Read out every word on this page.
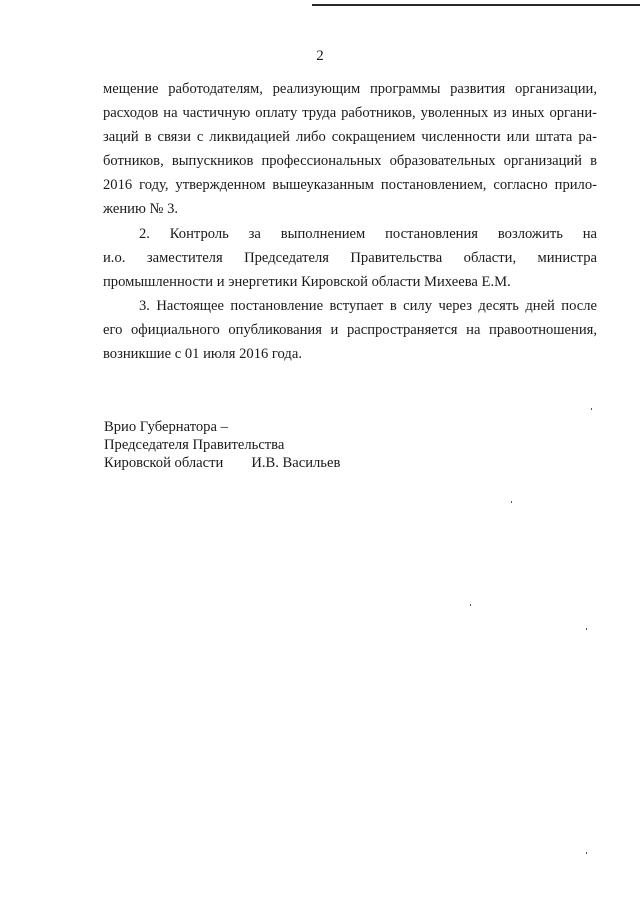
2

мещение работодателям, реализующим программы развития организации,
расходов на частичную оплату труда работников, уволенных из иных органи-
заций в связи с ликвидацией либо сокращением численности или штата ра-
ботников, выпускников профессиональных образовательных организаций в
2016 году, утвержденном вышеуказанным постановлением, согласно прило-
жению № 3.

2. Контроль за выполнением постановления возложить на
и.о. заместителя Председателя Правительства области, министра
промышленности и энергетики Кировской области Михеева Е.М.

3. Настоящее постановление вступает в силу через десять дней после
его официального опубликования и распространяется на правоотношения,
возникшие с 01 июля 2016 года.

Врио Губернатора –
Председателя Правительства
Кировской области И.В. Васильев
